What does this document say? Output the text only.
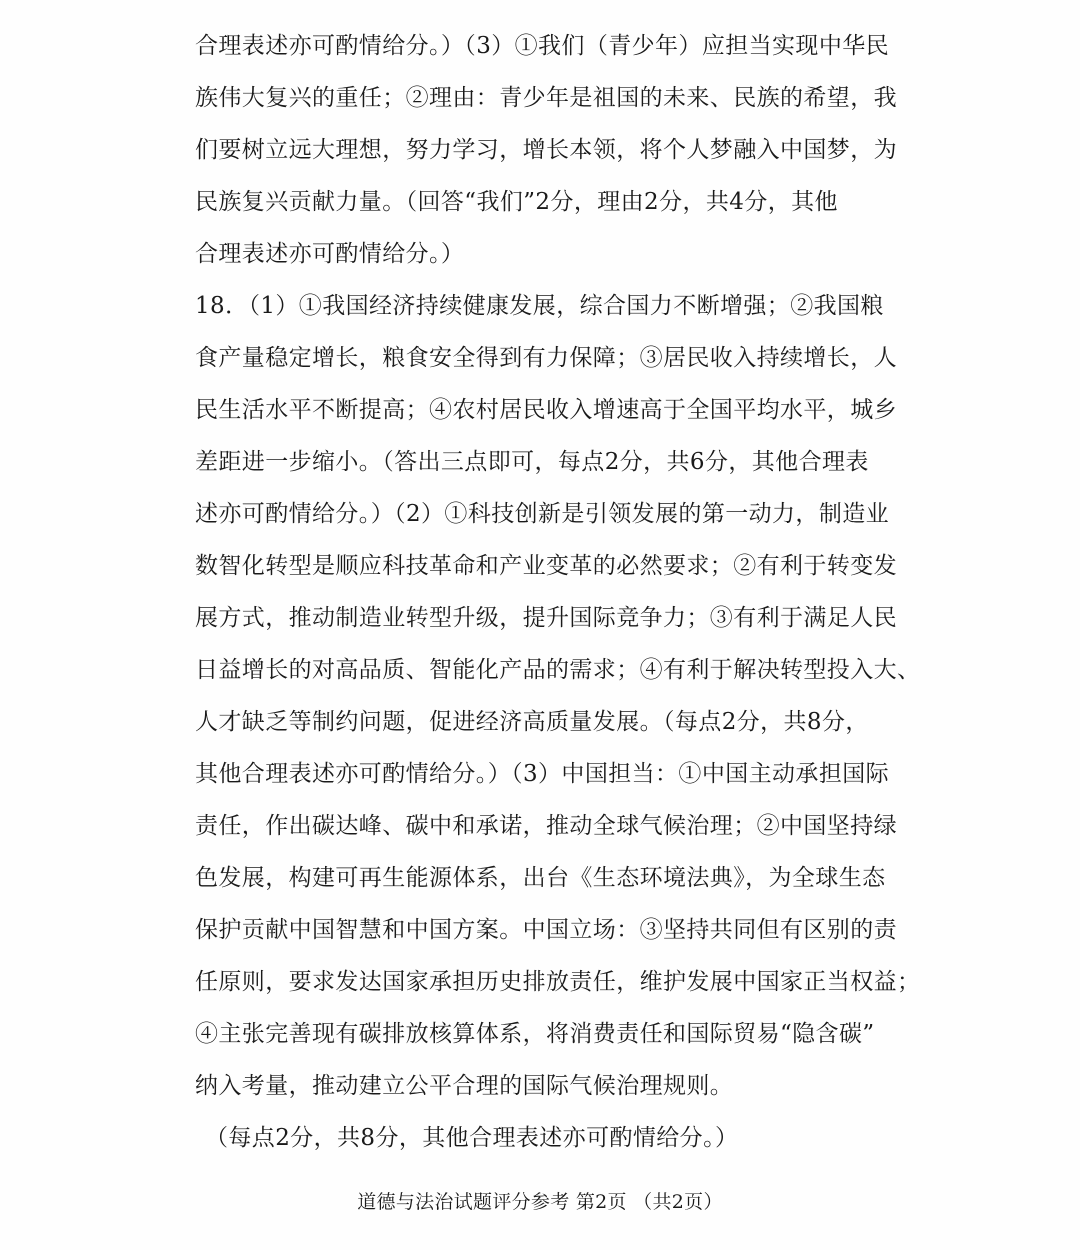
合理表述亦可酌情给分。）（3）①我们（青少年）应担当实现中华民
族伟大复兴的重任；②理由：青少年是祖国的未来、民族的希望，我
们要树立远大理想，努力学习，增长本领，将个人梦融入中国梦，为
民族复兴贡献力量。（回答“我们”2分，理由2分，共4分，其他
合理表述亦可酌情给分。）
18．（1）①我国经济持续健康发展，综合国力不断增强；②我国粮
食产量稳定增长，粮食安全得到有力保障；③居民收入持续增长，人
民生活水平不断提高；④农村居民收入增速高于全国平均水平，城乡
差距进一步缩小。（答出三点即可，每点2分，共6分，其他合理表
述亦可酌情给分。）（2）①科技创新是引领发展的第一动力，制造业
数智化转型是顺应科技革命和产业变革的必然要求；②有利于转变发
展方式，推动制造业转型升级，提升国际竞争力；③有利于满足人民
日益增长的对高品质、智能化产品的需求；④有利于解决转型投入大、
人才缺乏等制约问题，促进经济高质量发展。（每点2分，共8分，
其他合理表述亦可酌情给分。）（3）中国担当：①中国主动承担国际
责任，作出碳达峰、碳中和承诺，推动全球气候治理；②中国坚持绿
色发展，构建可再生能源体系，出台《生态环境法典》，为全球生态
保护贡献中国智慧和中国方案。中国立场：③坚持共同但有区别的责
任原则，要求发达国家承担历史排放责任，维护发展中国家正当权益；
④主张完善现有碳排放核算体系，将消费责任和国际贸易“隐含碳”
纳入考量，推动建立公平合理的国际气候治理规则。
（每点2分，共8分，其他合理表述亦可酌情给分。）
道德与法治试题评分参考 第2页 （共2页）
